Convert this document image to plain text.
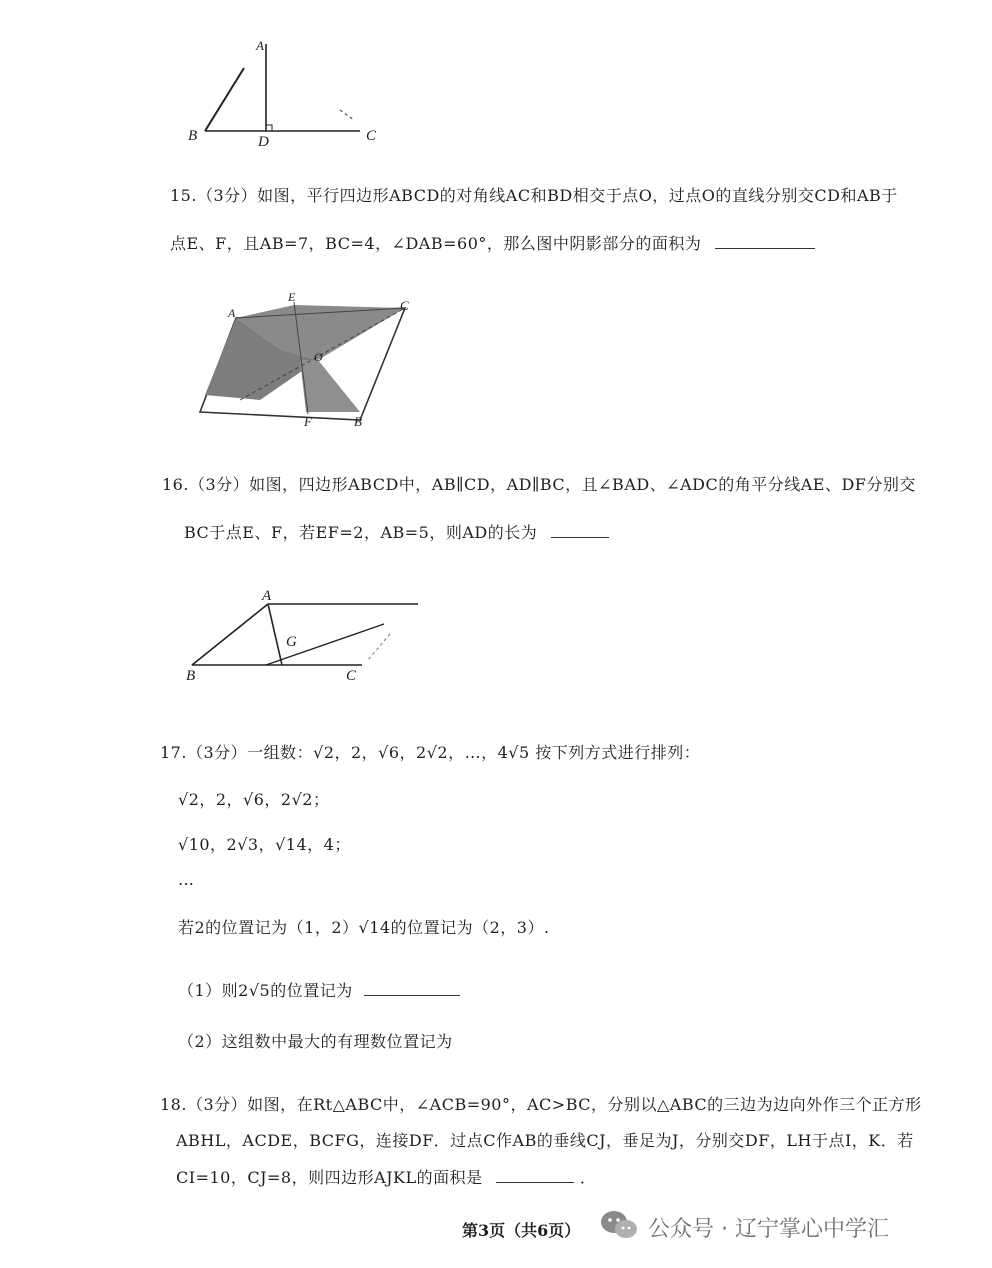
A
B	D	C
15.（3分）如图，平行四边形ABCD的对角线AC和BD相交于点O，过点O的直线分别交CD和AB于
点E、F，且AB=7，BC=4，∠DAB=60°，那么图中阴影部分的面积为
A
E
C
O
F	B
16.（3分）如图，四边形ABCD中，AB∥CD，AD∥BC，且∠BAD、∠ADC的角平分线AE、DF分别交
BC于点E、F，若EF=2，AB=5，则AD的长为
A
G
B	C
17.（3分）一组数：√2，2，√6，2√2，…，4√5 按下列方式进行排列：
√2，2，√6，2√2；
√10，2√3，√14，4；
…
若2的位置记为（1，2）√14的位置记为（2，3）.
（1）则2√5的位置记为
（2）这组数中最大的有理数位置记为
18.（3分）如图，在Rt△ABC中，∠ACB=90°，AC>BC，分别以△ABC的三边为边向外作三个正方形
ABHL，ACDE，BCFG，连接DF．过点C作AB的垂线CJ，垂足为J，分别交DF，LH于点I，K．若
CI=10，CJ=8，则四边形AJKL的面积是	．
第3页（共6页）	公众号 · 辽宁掌心中学汇
